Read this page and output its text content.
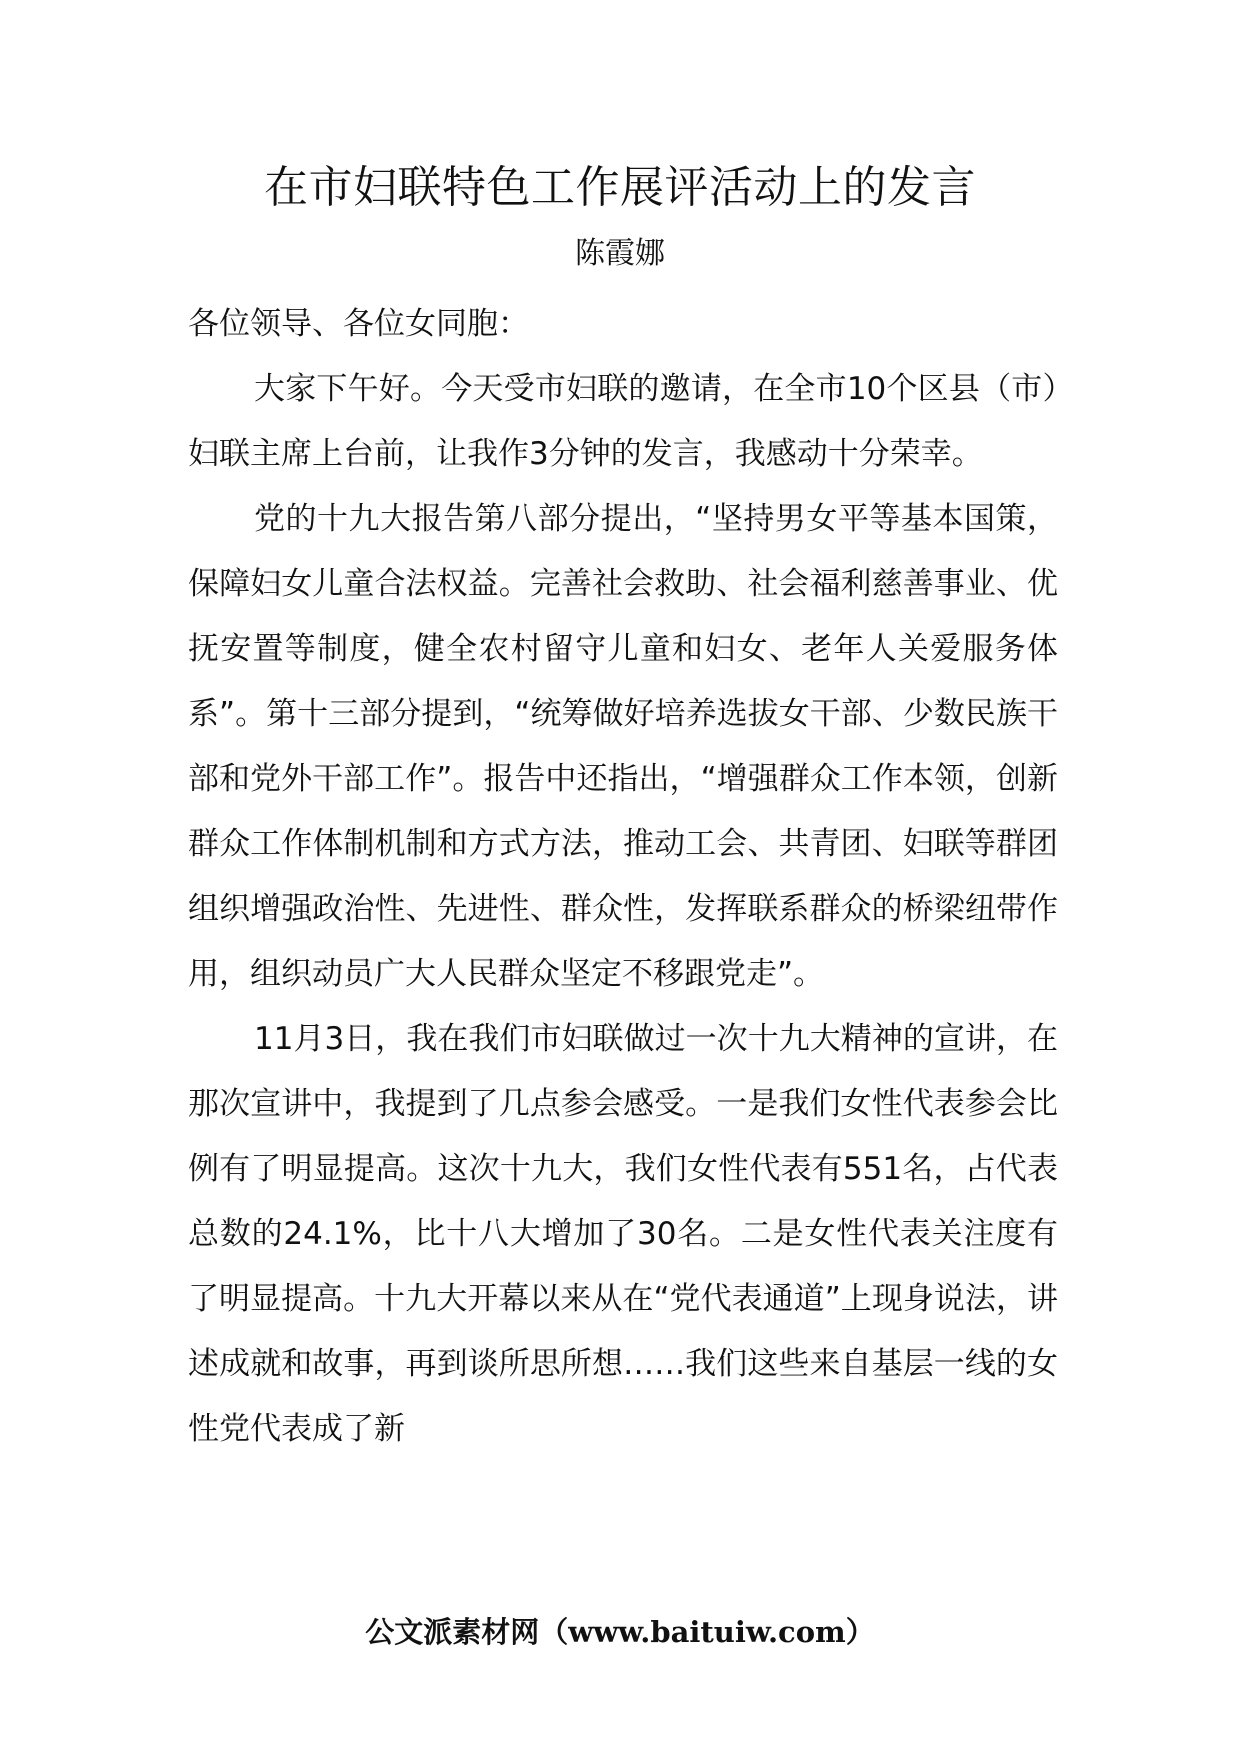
在市妇联特色工作展评活动上的发言
陈霞娜

各位领导、各位女同胞：

大家下午好。今天受市妇联的邀请，在全市10个区县（市）妇联主席上台前，让我作3分钟的发言，我感动十分荣幸。

党的十九大报告第八部分提出，“坚持男女平等基本国策，保障妇女儿童合法权益。完善社会救助、社会福利慈善事业、优抚安置等制度，健全农村留守儿童和妇女、老年人关爱服务体系”。第十三部分提到，“统筹做好培养选拔女干部、少数民族干部和党外干部工作”。报告中还指出，“增强群众工作本领，创新群众工作体制机制和方式方法，推动工会、共青团、妇联等群团组织增强政治性、先进性、群众性，发挥联系群众的桥梁纽带作用，组织动员广大人民群众坚定不移跟党走”。

11月3日，我在我们市妇联做过一次十九大精神的宣讲，在那次宣讲中，我提到了几点参会感受。一是我们女性代表参会比例有了明显提高。这次十九大，我们女性代表有551名，占代表总数的24.1%，比十八大增加了30名。二是女性代表关注度有了明显提高。十九大开幕以来从在“党代表通道”上现身说法，讲述成就和故事，再到谈所思所想……我们这些来自基层一线的女性党代表成了新

公文派素材网（www.baituiw.com）
